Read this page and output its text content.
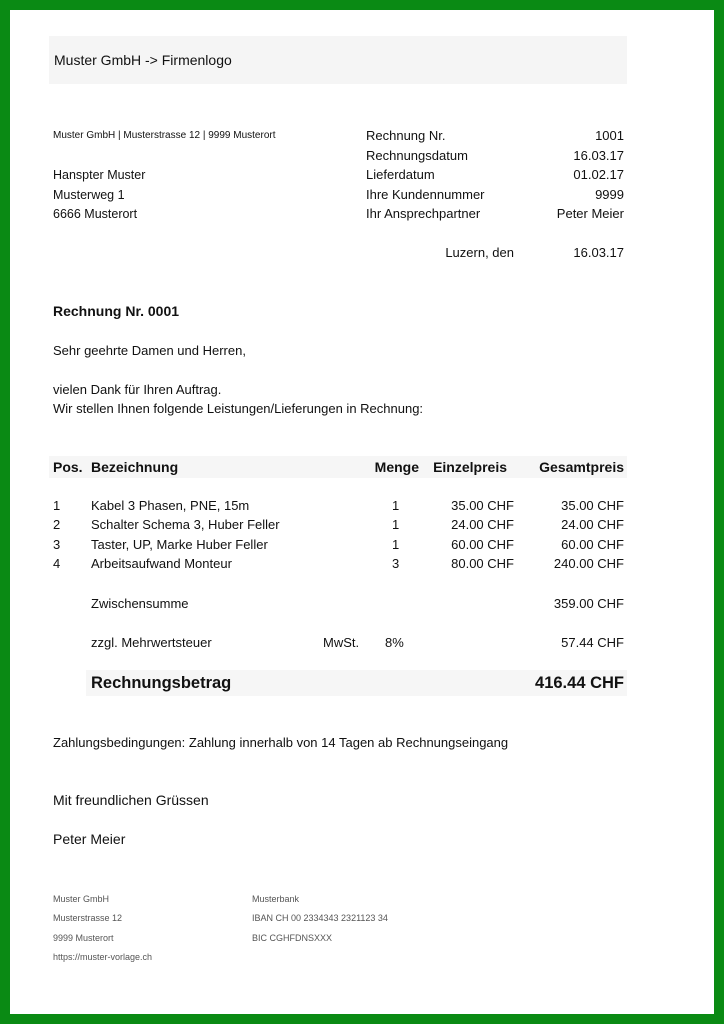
Muster GmbH -> Firmenlogo
Muster GmbH | Musterstrasse 12 | 9999 Musterort
Hanspter Muster
Musterweg 1
6666 Musterort
Rechnung Nr.	1001
Rechnungsdatum	16.03.17
Lieferdatum	01.02.17
Ihre Kundennummer	9999
Ihr Ansprechpartner	Peter Meier
Luzern, den	16.03.17
Rechnung Nr. 0001
Sehr geehrte Damen und Herren,
vielen Dank für Ihren Auftrag.
Wir stellen Ihnen folgende Leistungen/Lieferungen in Rechnung:
Pos. Bezeichnung	Menge	Einzelpreis	Gesamtpreis
1 Kabel 3 Phasen, PNE, 15m	1	35.00 CHF	35.00 CHF
2 Schalter Schema 3, Huber Feller	1	24.00 CHF	24.00 CHF
3 Taster, UP, Marke Huber Feller	1	60.00 CHF	60.00 CHF
4 Arbeitsaufwand Monteur	3	80.00 CHF	240.00 CHF
Zwischensumme	359.00 CHF
zzgl. Mehrwertsteuer	MwSt. 8%	57.44 CHF
Rechnungsbetrag	416.44 CHF
Zahlungsbedingungen: Zahlung innerhalb von 14 Tagen ab Rechnungseingang
Mit freundlichen Grüssen
Peter Meier
Muster GmbH
Musterstrasse 12
9999 Musterort
https://muster-vorlage.ch
Musterbank
IBAN CH 00 2334343 2321123 34
BIC CGHFDNSXXX
